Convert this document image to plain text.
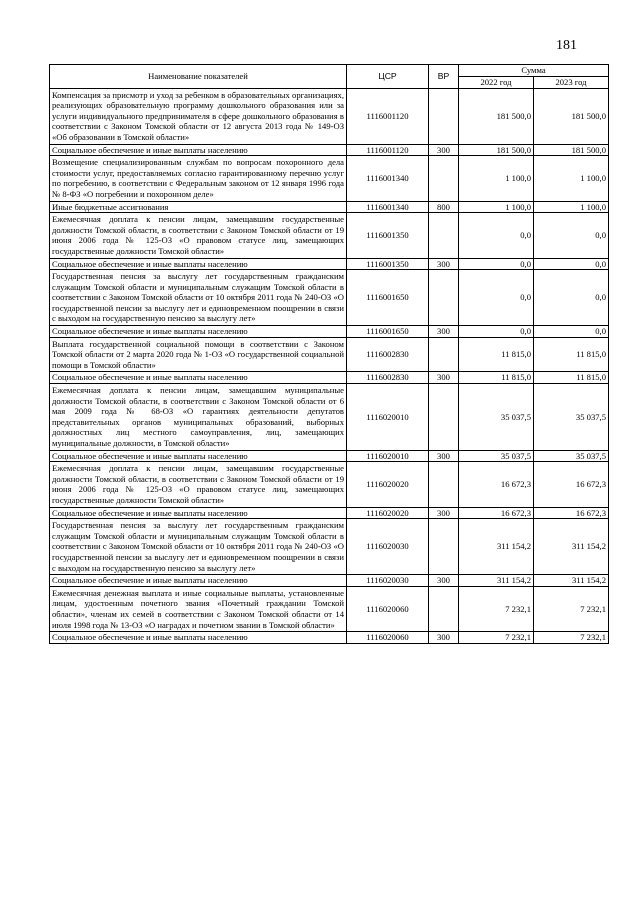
181
Наименование показателей	ЦСР	ВР	Сумма	
			2022 год	2023 год
Компенсация за присмотр и уход за ребенком в образовательных организациях, реализующих образовательную программу дошкольного образования или за услуги индивидуального предпринимателя в сфере дошкольного образования в соответствии с Законом Томской области от 12 августа 2013 года № 149-ОЗ «Об образовании в Томской области»	1116001120		181 500,0	181 500,0
Социальное обеспечение и иные выплаты населению	1116001120	300	181 500,0	181 500,0
Возмещение специализированным службам по вопросам похоронного дела стоимости услуг, предоставляемых согласно гарантированному перечню услуг по погребению, в соответствии с Федеральным законом от 12 января 1996 года № 8-ФЗ «О погребении и похоронном деле»	1116001340		1 100,0	1 100,0
Иные бюджетные ассигнования	1116001340	800	1 100,0	1 100,0
Ежемесячная доплата к пенсии лицам, замещавшим государственные должности Томской области, в соответствии с Законом Томской области от 19 июня 2006 года № 125-ОЗ «О правовом статусе лиц, замещающих государственные должности Томской области»	1116001350		0,0	0,0
Социальное обеспечение и иные выплаты населению	1116001350	300	0,0	0,0
Государственная пенсия за выслугу лет государственным гражданским служащим Томской области и муниципальным служащим Томской области в соответствии с Законом Томской области от 10 октября 2011 года № 240-ОЗ «О государственной пенсии за выслугу лет и единовременном поощрении в связи с выходом на государственную пенсию за выслугу лет»	1116001650		0,0	0,0
Социальное обеспечение и иные выплаты населению	1116001650	300	0,0	0,0
Выплата государственной социальной помощи в соответствии с Законом Томской области от 2 марта 2020 года № 1-ОЗ «О государственной социальной помощи в Томской области»	1116002830		11 815,0	11 815,0
Социальное обеспечение и иные выплаты населению	1116002830	300	11 815,0	11 815,0
Ежемесячная доплата к пенсии лицам, замещавшим муниципальные должности Томской области, в соответствии с Законом Томской области от 6 мая 2009 года № 68-ОЗ «О гарантиях деятельности депутатов представительных органов муниципальных образований, выборных должностных лиц местного самоуправления, лиц, замещающих муниципальные должности, в Томской области»	1116020010		35 037,5	35 037,5
Социальное обеспечение и иные выплаты населению	1116020010	300	35 037,5	35 037,5
Ежемесячная доплата к пенсии лицам, замещавшим государственные должности Томской области, в соответствии с Законом Томской области от 19 июня 2006 года № 125-ОЗ «О правовом статусе лиц, замещающих государственные должности Томской области»	1116020020		16 672,3	16 672,3
Социальное обеспечение и иные выплаты населению	1116020020	300	16 672,3	16 672,3
Государственная пенсия за выслугу лет государственным гражданским служащим Томской области и муниципальным служащим Томской области в соответствии с Законом Томской области от 10 октября 2011 года № 240-ОЗ «О государственной пенсии за выслугу лет и единовременном поощрении в связи с выходом на государственную пенсию за выслугу лет»	1116020030		311 154,2	311 154,2
Социальное обеспечение и иные выплаты населению	1116020030	300	311 154,2	311 154,2
Ежемесячная денежная выплата и иные социальные выплаты, установленные лицам, удостоенным почетного звания «Почетный гражданин Томской области», членам их семей в соответствии с Законом Томской области от 14 июля 1998 года № 13-ОЗ «О наградах и почетном звании в Томской области»	1116020060		7 232,1	7 232,1
Социальное обеспечение и иные выплаты населению	1116020060	300	7 232,1	7 232,1
